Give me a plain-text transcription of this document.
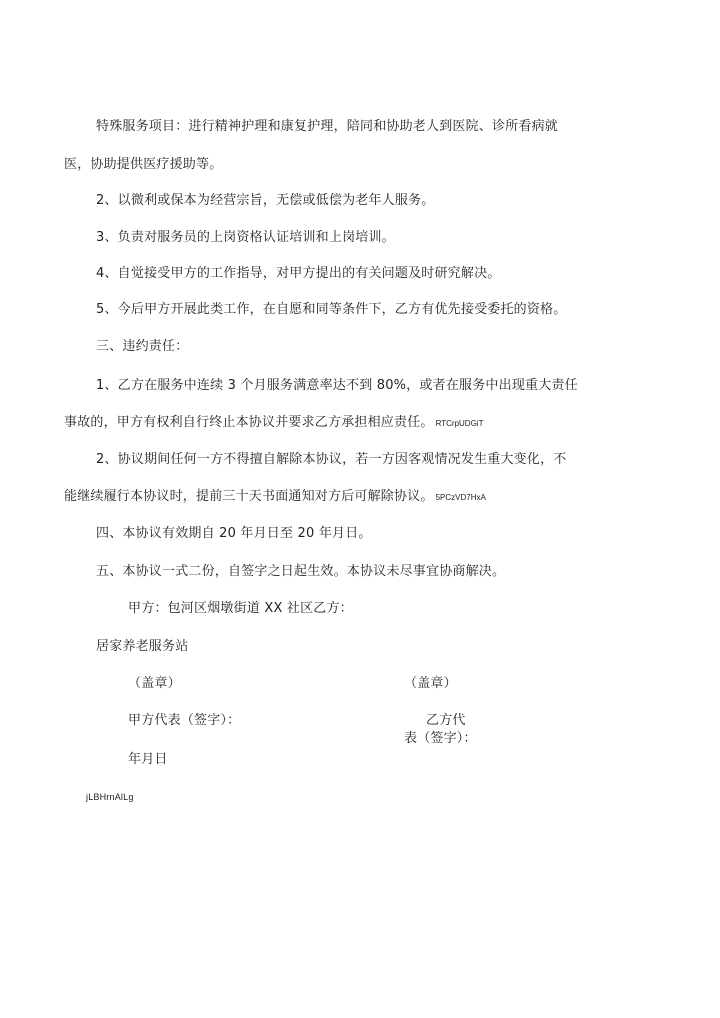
特殊服务项目：进行精神护理和康复护理，陪同和协助老人到医院、诊所看病就
医，协助提供医疗援助等。
2、以微利或保本为经营宗旨，无偿或低偿为老年人服务。
3、负责对服务员的上岗资格认证培训和上岗培训。
4、自觉接受甲方的工作指导，对甲方提出的有关问题及时研究解决。
5、今后甲方开展此类工作，在自愿和同等条件下，乙方有优先接受委托的资格。
三、违约责任：
1、乙方在服务中连续 3 个月服务满意率达不到 80%，或者在服务中出现重大责任
事故的，甲方有权利自行终止本协议并要求乙方承担相应责任。 RTCrpUDGiT
2、协议期间任何一方不得擅自解除本协议，若一方因客观情况发生重大变化，不
能继续履行本协议时，提前三十天书面通知对方后可解除协议。 5PCzVD7HxA
四、本协议有效期自 20 年月日至 20 年月日。
五、本协议一式二份，自签字之日起生效。本协议未尽事宜协商解决。
甲方：包河区烟墩街道 XX 社区乙方：
居家养老服务站
（盖章）	（盖章）
甲方代表（签字）：	乙方代
表（签字）：
年月日
jLBHrnAlLg
